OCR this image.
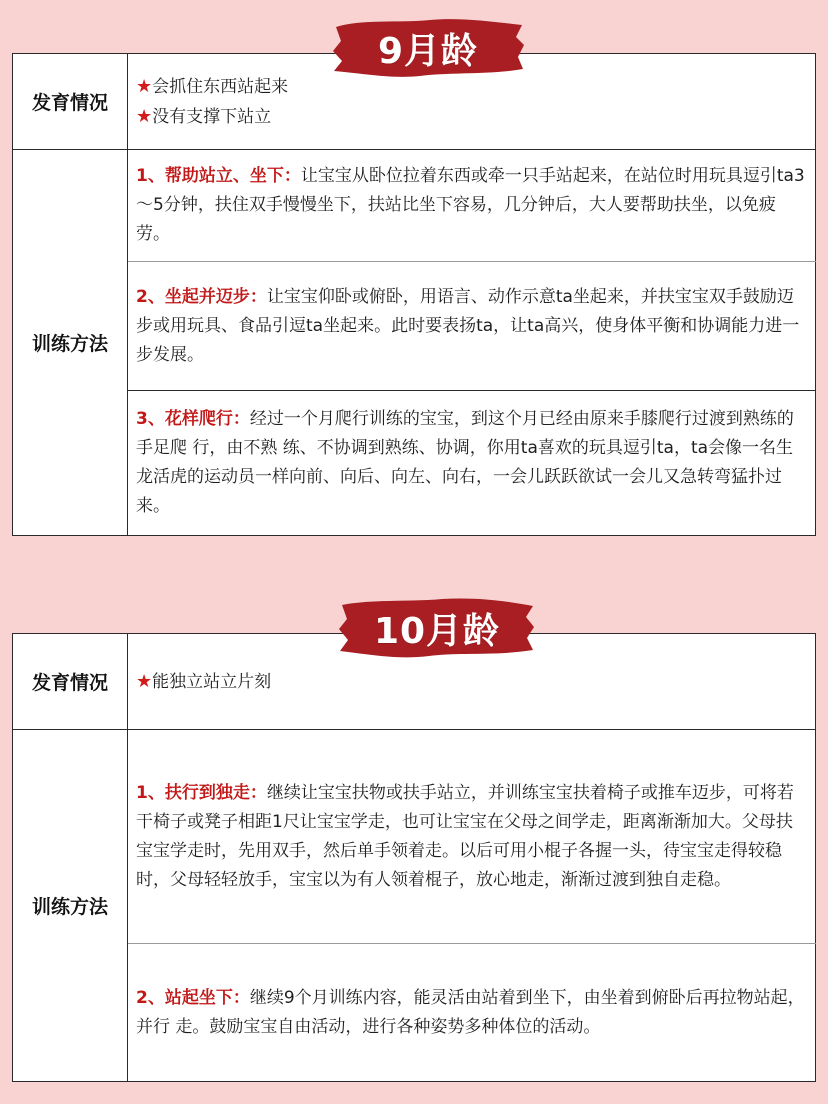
9月龄
发育情况	★会抓住东西站起来
★没有支撑下站立

训练方法	1、帮助站立、坐下：让宝宝从卧位拉着东西或牵一只手站起来，在站位时用玩具逗引ta3～5分钟，扶住双手慢慢坐下，扶站比坐下容易，几分钟后，大人要帮助扶坐，以免疲劳。
	2、坐起并迈步：让宝宝仰卧或俯卧，用语言、动作示意ta坐起来，并扶宝宝双手鼓励迈步或用玩具、食品引逗ta坐起来。此时要表扬ta，让ta高兴，使身体平衡和协调能力进一步发展。
	3、花样爬行：经过一个月爬行训练的宝宝，到这个月已经由原来手膝爬行过渡到熟练的手足爬 行，由不熟 练、不协调到熟练、协调，你用ta喜欢的玩具逗引ta，ta会像一名生龙活虎的运动员一样向前、向后、向左、向右，一会儿跃跃欲试一会儿又急转弯猛扑过来。
10月龄
发育情况	★能独立站立片刻

训练方法	1、扶行到独走：继续让宝宝扶物或扶手站立，并训练宝宝扶着椅子或推车迈步，可将若干椅子或凳子相距1尺让宝宝学走，也可让宝宝在父母之间学走，距离渐渐加大。父母扶宝宝学走时，先用双手，然后单手领着走。以后可用小棍子各握一头，待宝宝走得较稳时，父母轻轻放手，宝宝以为有人领着棍子，放心地走，渐渐过渡到独自走稳。
	2、站起坐下：继续9个月训练内容，能灵活由站着到坐下，由坐着到俯卧后再拉物站起，并行 走。鼓励宝宝自由活动，进行各种姿势多种体位的活动。
